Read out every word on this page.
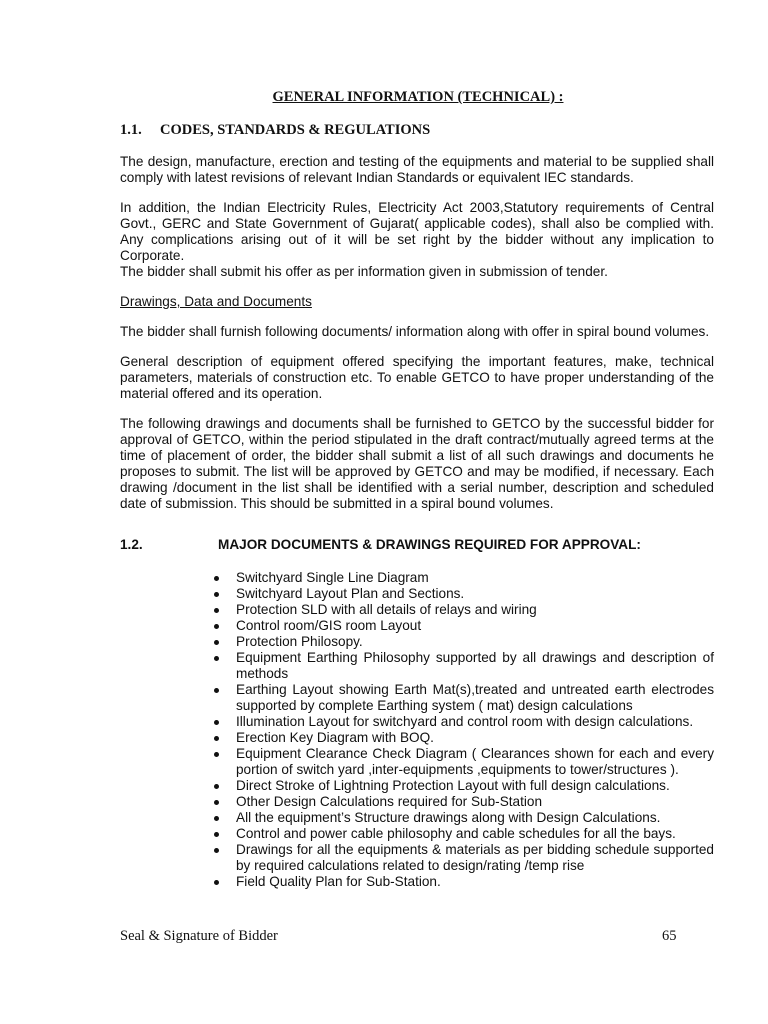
GENERAL INFORMATION (TECHNICAL) :
1.1. CODES, STANDARDS & REGULATIONS

The design, manufacture, erection and testing of the equipments and material to be supplied shall comply with latest revisions of relevant Indian Standards or equivalent IEC standards.

In addition, the Indian Electricity Rules, Electricity Act 2003,Statutory requirements of Central Govt., GERC and State Government of Gujarat( applicable codes), shall also be complied with. Any complications arising out of it will be set right by the bidder without any implication to Corporate.

The bidder shall submit his offer as per information given in submission of tender.

Drawings, Data and Documents

The bidder shall furnish following documents/ information along with offer in spiral bound volumes.

General description of equipment offered specifying the important features, make, technical parameters, materials of construction etc. To enable GETCO to have proper understanding of the material offered and its operation.

The following drawings and documents shall be furnished to GETCO by the successful bidder for approval of GETCO, within the period stipulated in the draft contract/mutually agreed terms at the time of placement of order, the bidder shall submit a list of all such drawings and documents he proposes to submit. The list will be approved by GETCO and may be modified, if necessary. Each drawing /document in the list shall be identified with a serial number, description and scheduled date of submission. This should be submitted in a spiral bound volumes.

1.2.	MAJOR DOCUMENTS & DRAWINGS REQUIRED FOR APPROVAL:
Switchyard Single Line Diagram
Switchyard Layout Plan and Sections.
Protection SLD with all details of relays and wiring
Control room/GIS room Layout
Protection Philosopy.
Equipment Earthing Philosophy supported by all drawings and description of methods
Earthing Layout showing Earth Mat(s),treated and untreated earth electrodes supported by complete Earthing system ( mat) design calculations
Illumination Layout for switchyard and control room with design calculations.
Erection Key Diagram with BOQ.
Equipment Clearance Check Diagram ( Clearances shown for each and every portion of switch yard ,inter-equipments ,equipments to tower/structures ).
Direct Stroke of Lightning Protection Layout with full design calculations.
Other Design Calculations required for Sub-Station
All the equipment’s Structure drawings along with Design Calculations.
Control and power cable philosophy and cable schedules for all the bays.
Drawings for all the equipments & materials as per bidding schedule supported by required calculations related to design/rating /temp rise
Field Quality Plan for Sub-Station.
Seal & Signature of Bidder	65
